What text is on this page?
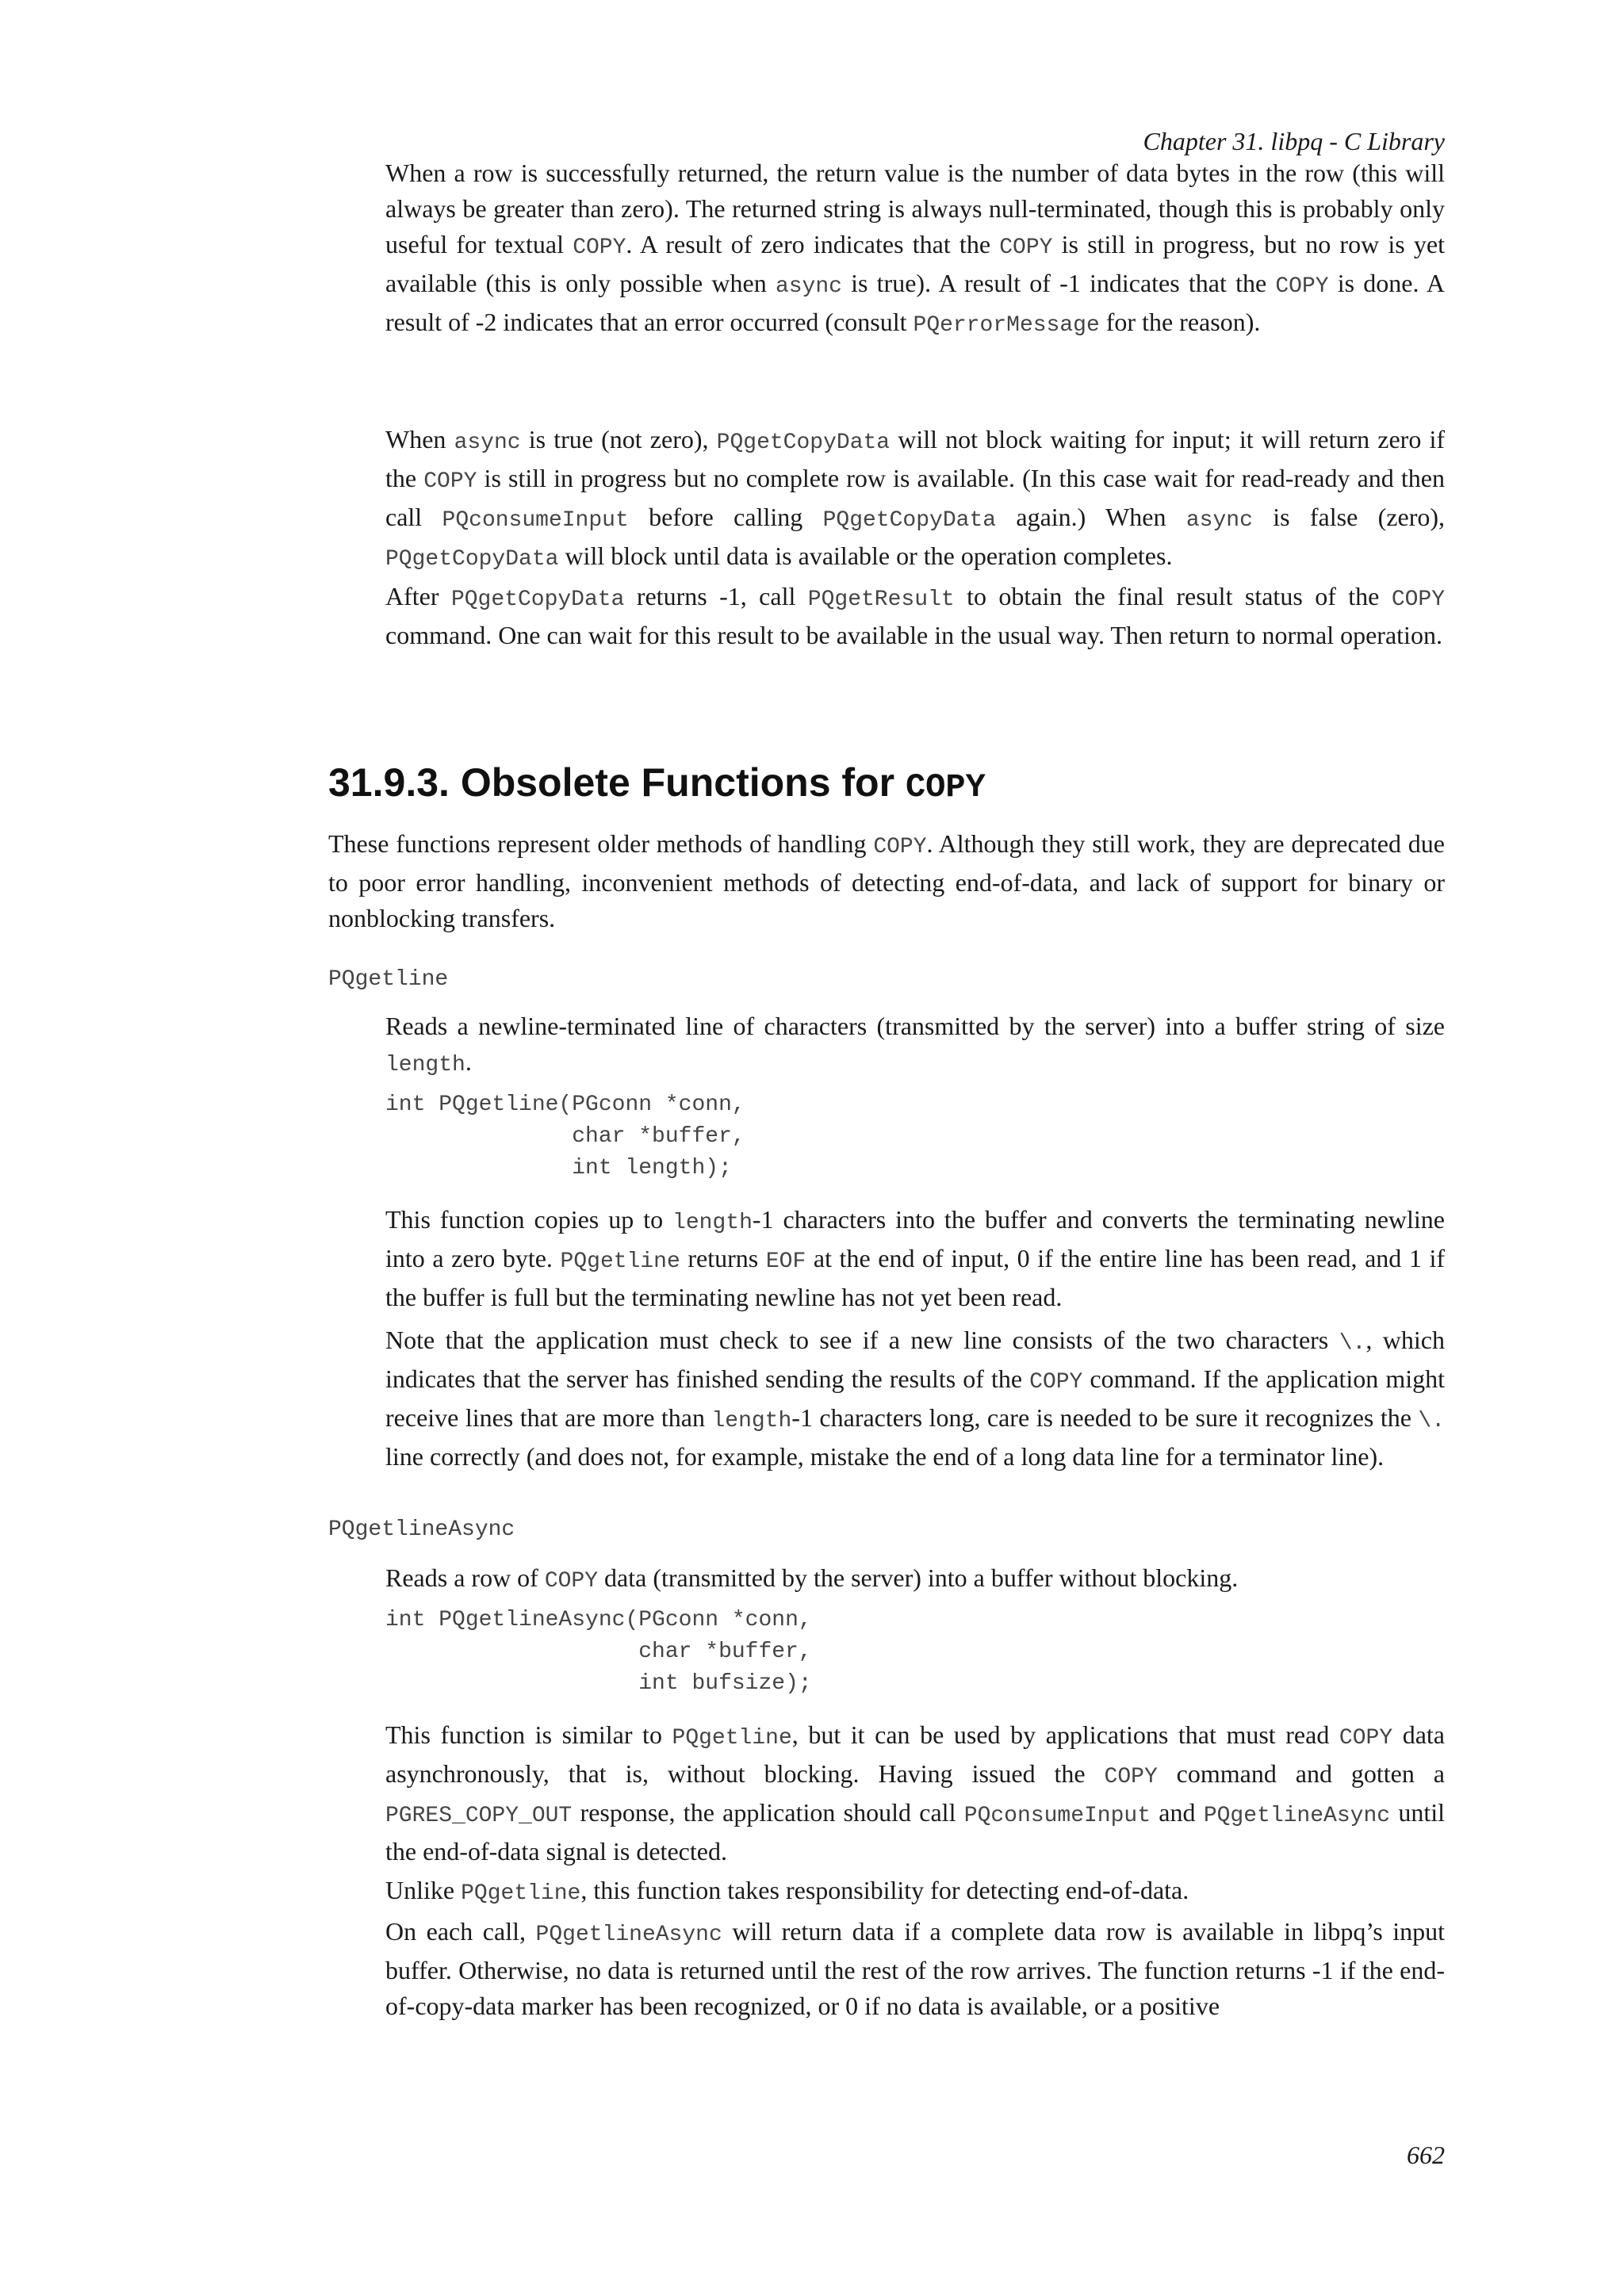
Chapter 31. libpq - C Library

When a row is successfully returned, the return value is the number of data bytes in the row (this will always be greater than zero). The returned string is always null-terminated, though this is probably only useful for textual COPY. A result of zero indicates that the COPY is still in progress, but no row is yet available (this is only possible when async is true). A result of -1 indicates that the COPY is done. A result of -2 indicates that an error occurred (consult PQerrorMessage for the reason).

When async is true (not zero), PQgetCopyData will not block waiting for input; it will return zero if the COPY is still in progress but no complete row is available. (In this case wait for read-ready and then call PQconsumeInput before calling PQgetCopyData again.) When async is false (zero), PQgetCopyData will block until data is available or the operation completes.

After PQgetCopyData returns -1, call PQgetResult to obtain the final result status of the COPY command. One can wait for this result to be available in the usual way. Then return to normal operation.

31.9.3. Obsolete Functions for COPY

These functions represent older methods of handling COPY. Although they still work, they are deprecated due to poor error handling, inconvenient methods of detecting end-of-data, and lack of support for binary or nonblocking transfers.

PQgetline

Reads a newline-terminated line of characters (transmitted by the server) into a buffer string of size length.

int PQgetline(PGconn *conn,
char *buffer,
int length);

This function copies up to length-1 characters into the buffer and converts the terminating newline into a zero byte. PQgetline returns EOF at the end of input, 0 if the entire line has been read, and 1 if the buffer is full but the terminating newline has not yet been read.

Note that the application must check to see if a new line consists of the two characters \., which indicates that the server has finished sending the results of the COPY command. If the application might receive lines that are more than length-1 characters long, care is needed to be sure it recognizes the \. line correctly (and does not, for example, mistake the end of a long data line for a terminator line).

PQgetlineAsync

Reads a row of COPY data (transmitted by the server) into a buffer without blocking.

int PQgetlineAsync(PGconn *conn,
char *buffer,
int bufsize);

This function is similar to PQgetline, but it can be used by applications that must read COPY data asynchronously, that is, without blocking. Having issued the COPY command and gotten a PGRES_COPY_OUT response, the application should call PQconsumeInput and PQgetlineAsync until the end-of-data signal is detected.

Unlike PQgetline, this function takes responsibility for detecting end-of-data.

On each call, PQgetlineAsync will return data if a complete data row is available in libpq’s input buffer. Otherwise, no data is returned until the rest of the row arrives. The function returns -1 if the end-of-copy-data marker has been recognized, or 0 if no data is available, or a positive

662
